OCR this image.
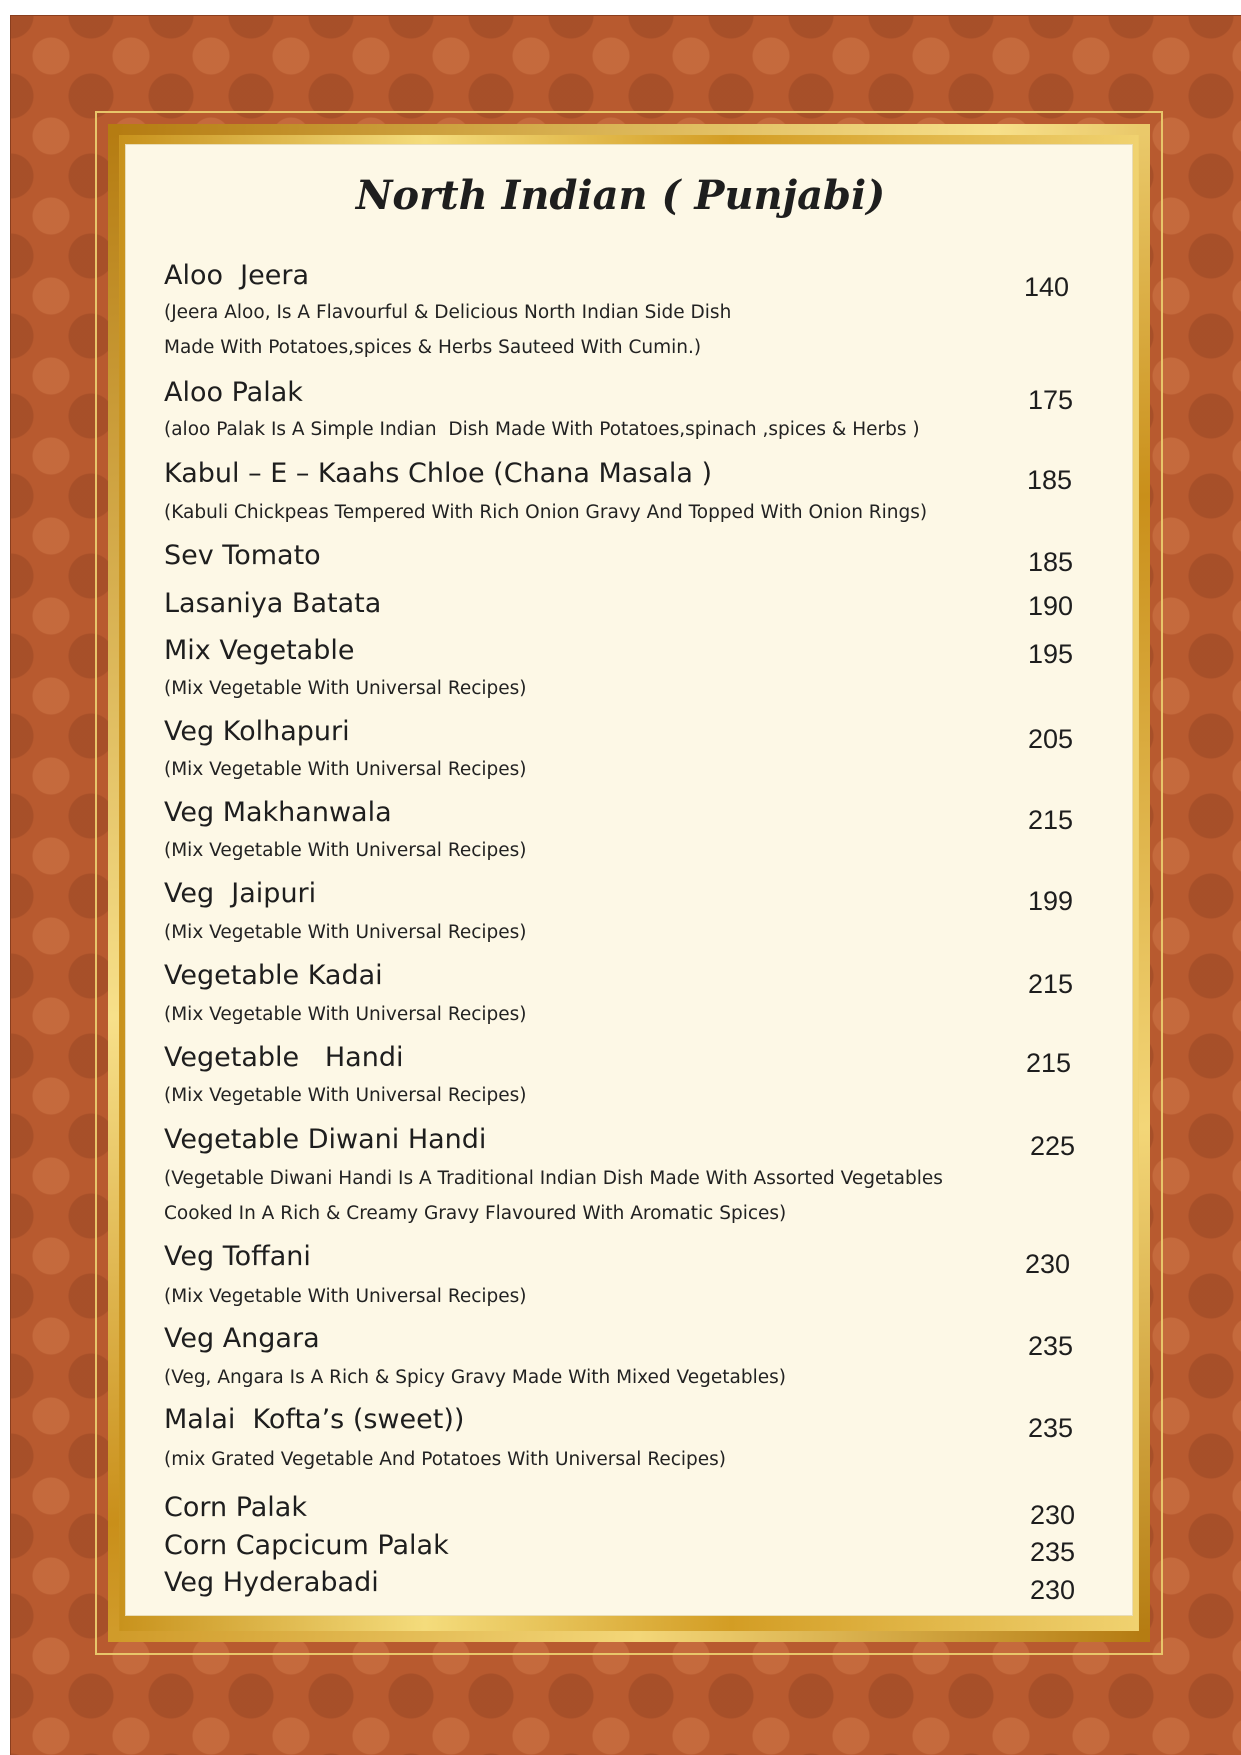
North Indian ( Punjabi)
Aloo  Jeera	140
(Jeera Aloo, Is A Flavourful & Delicious North Indian Side Dish
Made With Potatoes,spices & Herbs Sauteed With Cumin.)
Aloo Palak	175
(aloo Palak Is A Simple Indian  Dish Made With Potatoes,spinach ,spices & Herbs )
Kabul – E – Kaahs Chloe (Chana Masala )	185
(Kabuli Chickpeas Tempered With Rich Onion Gravy And Topped With Onion Rings)
Sev Tomato	185
Lasaniya Batata	190
Mix Vegetable	195
(Mix Vegetable With Universal Recipes)
Veg Kolhapuri	205
(Mix Vegetable With Universal Recipes)
Veg Makhanwala	215
(Mix Vegetable With Universal Recipes)
Veg  Jaipuri	199
(Mix Vegetable With Universal Recipes)
Vegetable Kadai	215
(Mix Vegetable With Universal Recipes)
Vegetable   Handi	215
(Mix Vegetable With Universal Recipes)
Vegetable Diwani Handi	225
(Vegetable Diwani Handi Is A Traditional Indian Dish Made With Assorted Vegetables
Cooked In A Rich & Creamy Gravy Flavoured With Aromatic Spices)
Veg Toffani	230
(Mix Vegetable With Universal Recipes)
Veg Angara	235
(Veg, Angara Is A Rich & Spicy Gravy Made With Mixed Vegetables)
Malai  Kofta’s (sweet))	235
(mix Grated Vegetable And Potatoes With Universal Recipes)
Corn Palak	230
Corn Capcicum Palak	235
Veg Hyderabadi	230
